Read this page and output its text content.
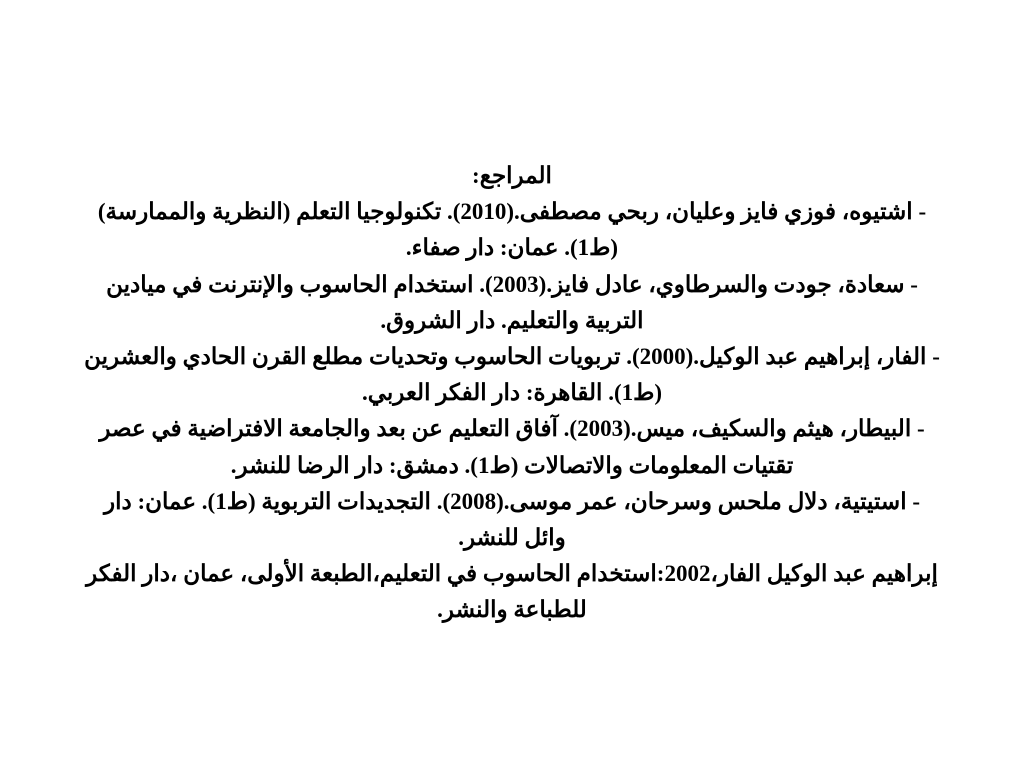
المراجع:
- اشتيوه، فوزي فايز وعليان، ربحي مصطفى.(2010). تكنولوجيا التعلم (النظرية والممارسة) (ط1). عمان: دار صفاء.
- سعادة، جودت والسرطاوي، عادل فايز.(2003). استخدام الحاسوب والإنترنت في ميادين التربية والتعليم. دار الشروق.
- الفار، إبراهيم عبد الوكيل.(2000). تربويات الحاسوب وتحديات مطلع القرن الحادي والعشرين (ط1). القاهرة: دار الفكر العربي.
- البيطار، هيثم والسكيف، ميس.(2003). آفاق التعليم عن بعد والجامعة الافتراضية في عصر تقتيات المعلومات والاتصالات (ط1). دمشق: دار الرضا للنشر.
- استيتية، دلال ملحس وسرحان، عمر موسى.(2008). التجديدات التربوية (ط1). عمان: دار وائل للنشر.
إبراهيم عبد الوكيل الفار،2002:استخدام الحاسوب في التعليم،الطبعة الأولى، عمان ،دار الفكر للطباعة والنشر.
